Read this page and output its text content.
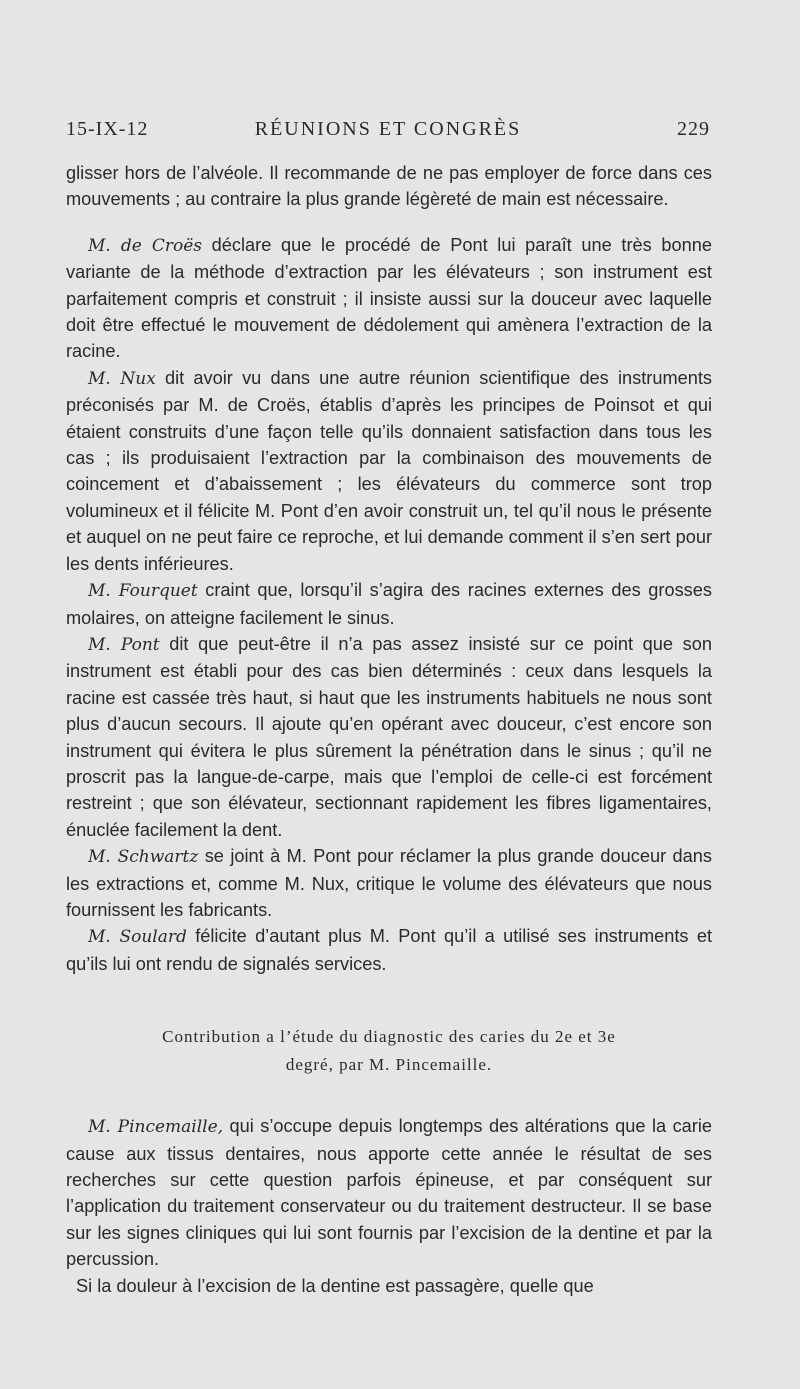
15-IX-12	RÉUNIONS ET CONGRÈS	229

glisser hors de l’alvéole. Il recommande de ne pas employer de force dans ces mouvements ; au contraire la plus grande légèreté de main est nécessaire.

M. de Croës déclare que le procédé de Pont lui paraît une très bonne variante de la méthode d’extraction par les élévateurs ; son instrument est parfaitement compris et construit ; il insiste aussi sur la douceur avec laquelle doit être effectué le mouvement de dédolement qui amènera l’extraction de la racine.

M. Nux dit avoir vu dans une autre réunion scientifique des instruments préconisés par M. de Croës, établis d’après les principes de Poinsot et qui étaient construits d’une façon telle qu’ils donnaient satisfaction dans tous les cas ; ils produisaient l’extraction par la combinaison des mouvements de coincement et d’abaissement ; les élévateurs du commerce sont trop volumineux et il félicite M. Pont d’en avoir construit un, tel qu’il nous le présente et auquel on ne peut faire ce reproche, et lui demande comment il s’en sert pour les dents inférieures.

M. Fourquet craint que, lorsqu’il s’agira des racines externes des grosses molaires, on atteigne facilement le sinus.

M. Pont dit que peut-être il n’a pas assez insisté sur ce point que son instrument est établi pour des cas bien déterminés : ceux dans lesquels la racine est cassée très haut, si haut que les instruments habituels ne nous sont plus d’aucun secours. Il ajoute qu’en opérant avec douceur, c’est encore son instrument qui évitera le plus sûrement la pénétration dans le sinus ; qu’il ne proscrit pas la langue-de-carpe, mais que l’emploi de celle-ci est forcément restreint ; que son élévateur, sectionnant rapidement les fibres ligamentaires, énuclée facilement la dent.

M. Schwartz se joint à M. Pont pour réclamer la plus grande douceur dans les extractions et, comme M. Nux, critique le volume des élévateurs que nous fournissent les fabricants.

M. Soulard félicite d’autant plus M. Pont qu’il a utilisé ses instruments et qu’ils lui ont rendu de signalés services.

Contribution a l’étude du diagnostic des caries du 2e et 3e
degré, par M. Pincemaille.

M. Pincemaille, qui s’occupe depuis longtemps des altérations que la carie cause aux tissus dentaires, nous apporte cette année le résultat de ses recherches sur cette question parfois épineuse, et par conséquent sur l’application du traitement conservateur ou du traitement destructeur. Il se base sur les signes cliniques qui lui sont fournis par l’excision de la dentine et par la percussion.

Si la douleur à l’excision de la dentine est passagère, quelle que
